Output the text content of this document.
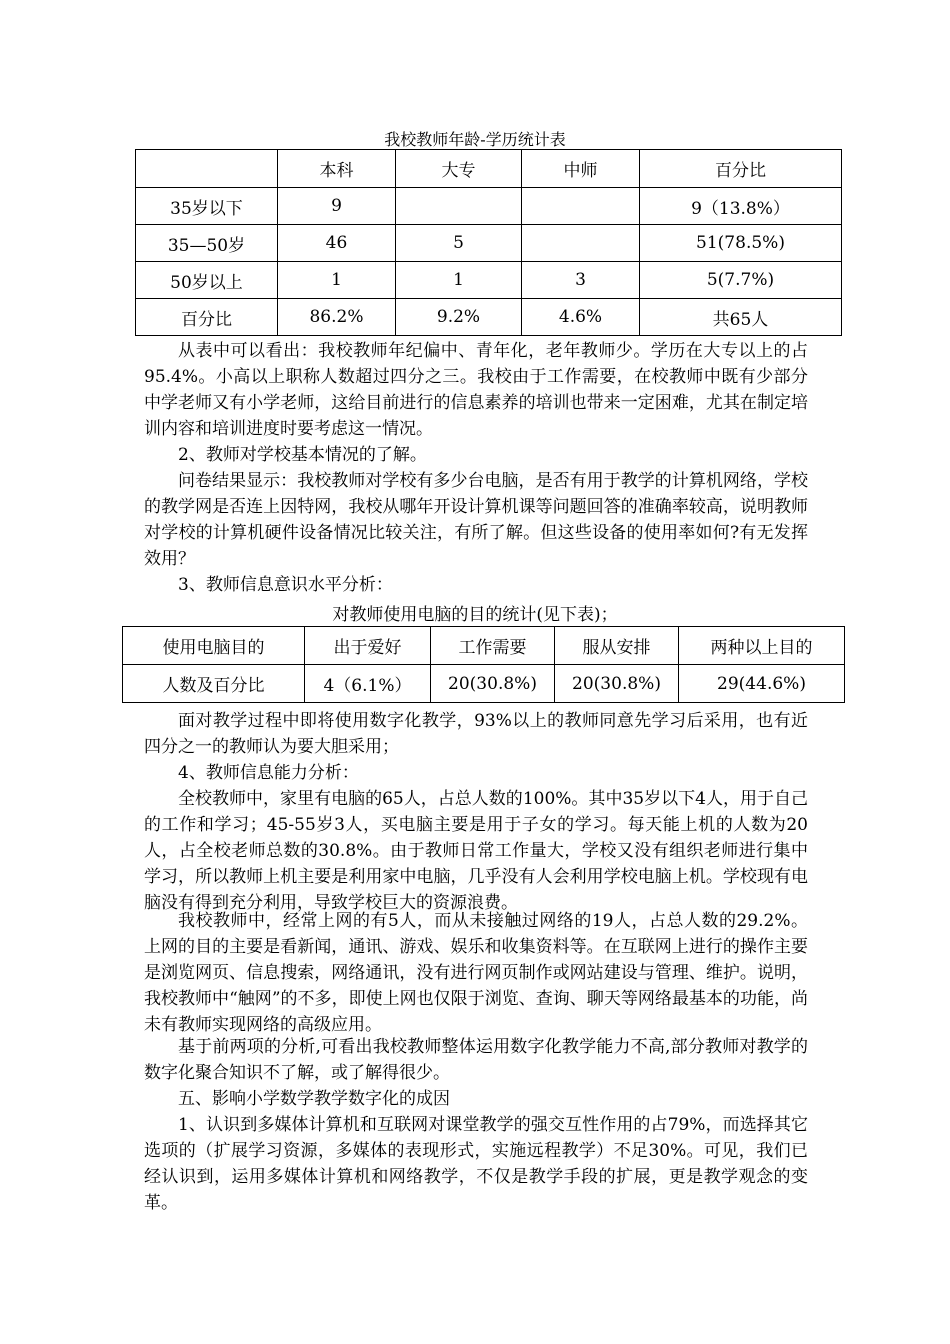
我校教师年龄-学历统计表
	本科	大专	中师	百分比
35岁以下	9			9（13.8%）
35—50岁	46	5		51(78.5%)
50岁以上	1	1	3	5(7.7%)
百分比	86.2%	9.2%	4.6%	共65人

从表中可以看出：我校教师年纪偏中、青年化，老年教师少。学历在大专以上的占95.4%。小高以上职称人数超过四分之三。我校由于工作需要，在校教师中既有少部分中学老师又有小学老师，这给目前进行的信息素养的培训也带来一定困难，尤其在制定培训内容和培训进度时要考虑这一情况。

2、教师对学校基本情况的了解。

问卷结果显示：我校教师对学校有多少台电脑，是否有用于教学的计算机网络，学校的教学网是否连上因特网，我校从哪年开设计算机课等问题回答的准确率较高，说明教师对学校的计算机硬件设备情况比较关注，有所了解。但这些设备的使用率如何?有无发挥效用？

3、教师信息意识水平分析：

对教师使用电脑的目的统计(见下表)；
使用电脑目的	出于爱好	工作需要	服从安排	两种以上目的
人数及百分比	4（6.1%）	20(30.8%)	20(30.8%)	29(44.6%)

面对教学过程中即将使用数字化教学，93%以上的教师同意先学习后采用，也有近四分之一的教师认为要大胆采用；

4、教师信息能力分析：

全校教师中，家里有电脑的65人，占总人数的100%。其中35岁以下4人，用于自己的工作和学习；45-55岁3人，买电脑主要是用于子女的学习。每天能上机的人数为20人，占全校老师总数的30.8%。由于教师日常工作量大，学校又没有组织老师进行集中学习，所以教师上机主要是利用家中电脑，几乎没有人会利用学校电脑上机。学校现有电脑没有得到充分利用，导致学校巨大的资源浪费。

我校教师中，经常上网的有5人，而从未接触过网络的19人，占总人数的29.2%。上网的目的主要是看新闻，通讯、游戏、娱乐和收集资料等。在互联网上进行的操作主要是浏览网页、信息搜索，网络通讯，没有进行网页制作或网站建设与管理、维护。说明，我校教师中“触网”的不多，即使上网也仅限于浏览、查询、聊天等网络最基本的功能，尚未有教师实现网络的高级应用。

基于前两项的分析,可看出我校教师整体运用数字化教学能力不高,部分教师对教学的数字化聚合知识不了解，或了解得很少。

五、影响小学数学教学数字化的成因

1、认识到多媒体计算机和互联网对课堂教学的强交互性作用的占79%，而选择其它选项的（扩展学习资源，多媒体的表现形式，实施远程教学）不足30%。可见，我们已经认识到，运用多媒体计算机和网络教学，不仅是教学手段的扩展，更是教学观念的变革。
